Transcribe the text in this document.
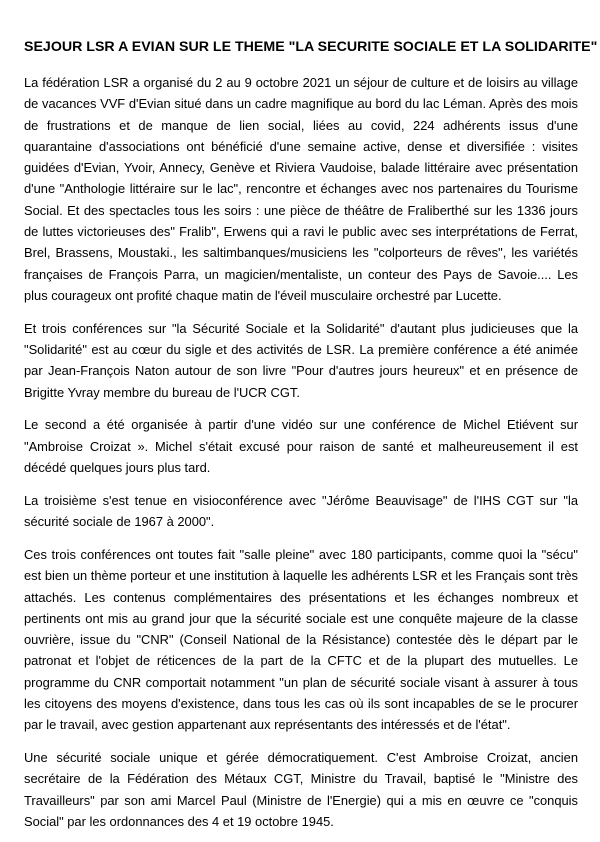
SEJOUR LSR A EVIAN SUR LE THEME "LA SECURITE SOCIALE ET LA SOLIDARITE"

La fédération LSR a organisé du 2 au 9 octobre 2021 un séjour de culture et de loisirs au village de vacances VVF d'Evian situé dans un cadre magnifique au bord du lac Léman. Après des mois de frustrations et de manque de lien social, liées au covid, 224 adhérents issus d'une quarantaine d'associations ont bénéficié d'une semaine active, dense et diversifiée : visites guidées d'Evian, Yvoir, Annecy, Genève et Riviera Vaudoise, balade littéraire avec présentation d'une "Anthologie littéraire sur le lac", rencontre et échanges avec nos partenaires du Tourisme Social. Et des spectacles tous les soirs : une pièce de théâtre de Fraliberthé sur les 1336 jours de luttes victorieuses des" Fralib", Erwens qui a ravi le public avec ses interprétations de Ferrat, Brel, Brassens, Moustaki., les saltimbanques/musiciens les "colporteurs de rêves", les variétés françaises de François Parra, un magicien/mentaliste, un conteur des Pays de Savoie.... Les plus courageux ont profité chaque matin de l'éveil musculaire orchestré par Lucette.

Et trois conférences sur "la Sécurité Sociale et la Solidarité" d'autant plus judicieuses que la "Solidarité" est au cœur du sigle et des activités de LSR. La première conférence a été animée par Jean-François Naton autour de son livre "Pour d'autres jours heureux" et en présence de Brigitte Yvray membre du bureau de l'UCR CGT.

Le second a été organisée à partir d'une vidéo sur une conférence de Michel Etiévent sur "Ambroise Croizat ». Michel s'était excusé pour raison de santé et malheureusement il est décédé quelques jours plus tard.

La troisième s'est tenue en visioconférence avec "Jérôme Beauvisage" de l'IHS CGT sur "la sécurité sociale de 1967 à 2000".

Ces trois conférences ont toutes fait "salle pleine" avec 180 participants, comme quoi la "sécu" est bien un thème porteur et une institution à laquelle les adhérents LSR et les Français sont très attachés. Les contenus complémentaires des présentations et les échanges nombreux et pertinents ont mis au grand jour que la sécurité sociale est une conquête majeure de la classe ouvrière, issue du "CNR" (Conseil National de la Résistance) contestée dès le départ par le patronat et l'objet de réticences de la part de la CFTC et de la plupart des mutuelles. Le programme du CNR comportait notamment "un plan de sécurité sociale visant à assurer à tous les citoyens des moyens d'existence, dans tous les cas où ils sont incapables de se le procurer par le travail, avec gestion appartenant aux représentants des intéressés et de l'état".

Une sécurité sociale unique et gérée démocratiquement. C'est Ambroise Croizat, ancien secrétaire de la Fédération des Métaux CGT, Ministre du Travail, baptisé le "Ministre des Travailleurs" par son ami Marcel Paul (Ministre de l'Energie) qui a mis en œuvre ce "conquis Social" par les ordonnances des 4 et 19 octobre 1945.
